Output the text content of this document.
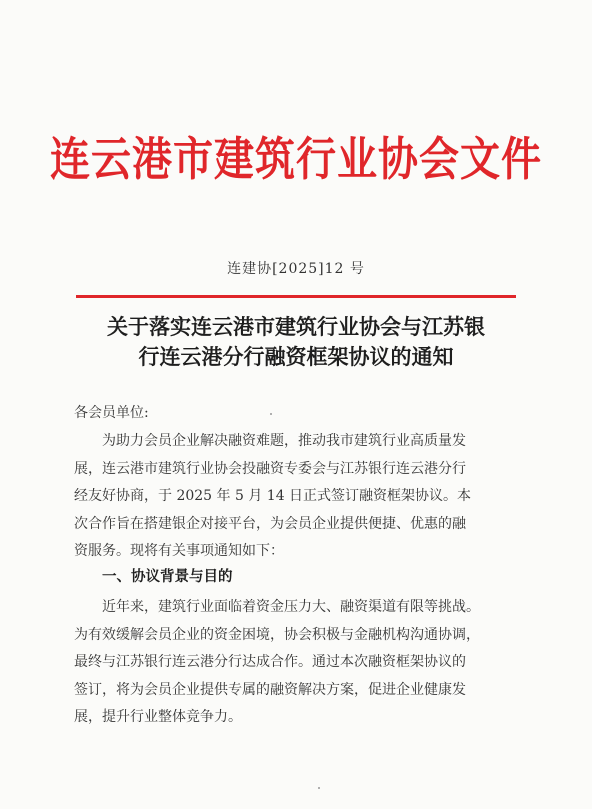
连云港市建筑行业协会文件
连建协[2025]12 号
关于落实连云港市建筑行业协会与江苏银
行连云港分行融资框架协议的通知
各会员单位:
为助力会员企业解决融资难题，推动我市建筑行业高质量发
展，连云港市建筑行业协会投融资专委会与江苏银行连云港分行
经友好协商，于 2025 年 5 月 14 日正式签订融资框架协议。本
次合作旨在搭建银企对接平台，为会员企业提供便捷、优惠的融
资服务。现将有关事项通知如下：
一、协议背景与目的
近年来，建筑行业面临着资金压力大、融资渠道有限等挑战。
为有效缓解会员企业的资金困境，协会积极与金融机构沟通协调，
最终与江苏银行连云港分行达成合作。通过本次融资框架协议的
签订，将为会员企业提供专属的融资解决方案，促进企业健康发
展，提升行业整体竞争力。
